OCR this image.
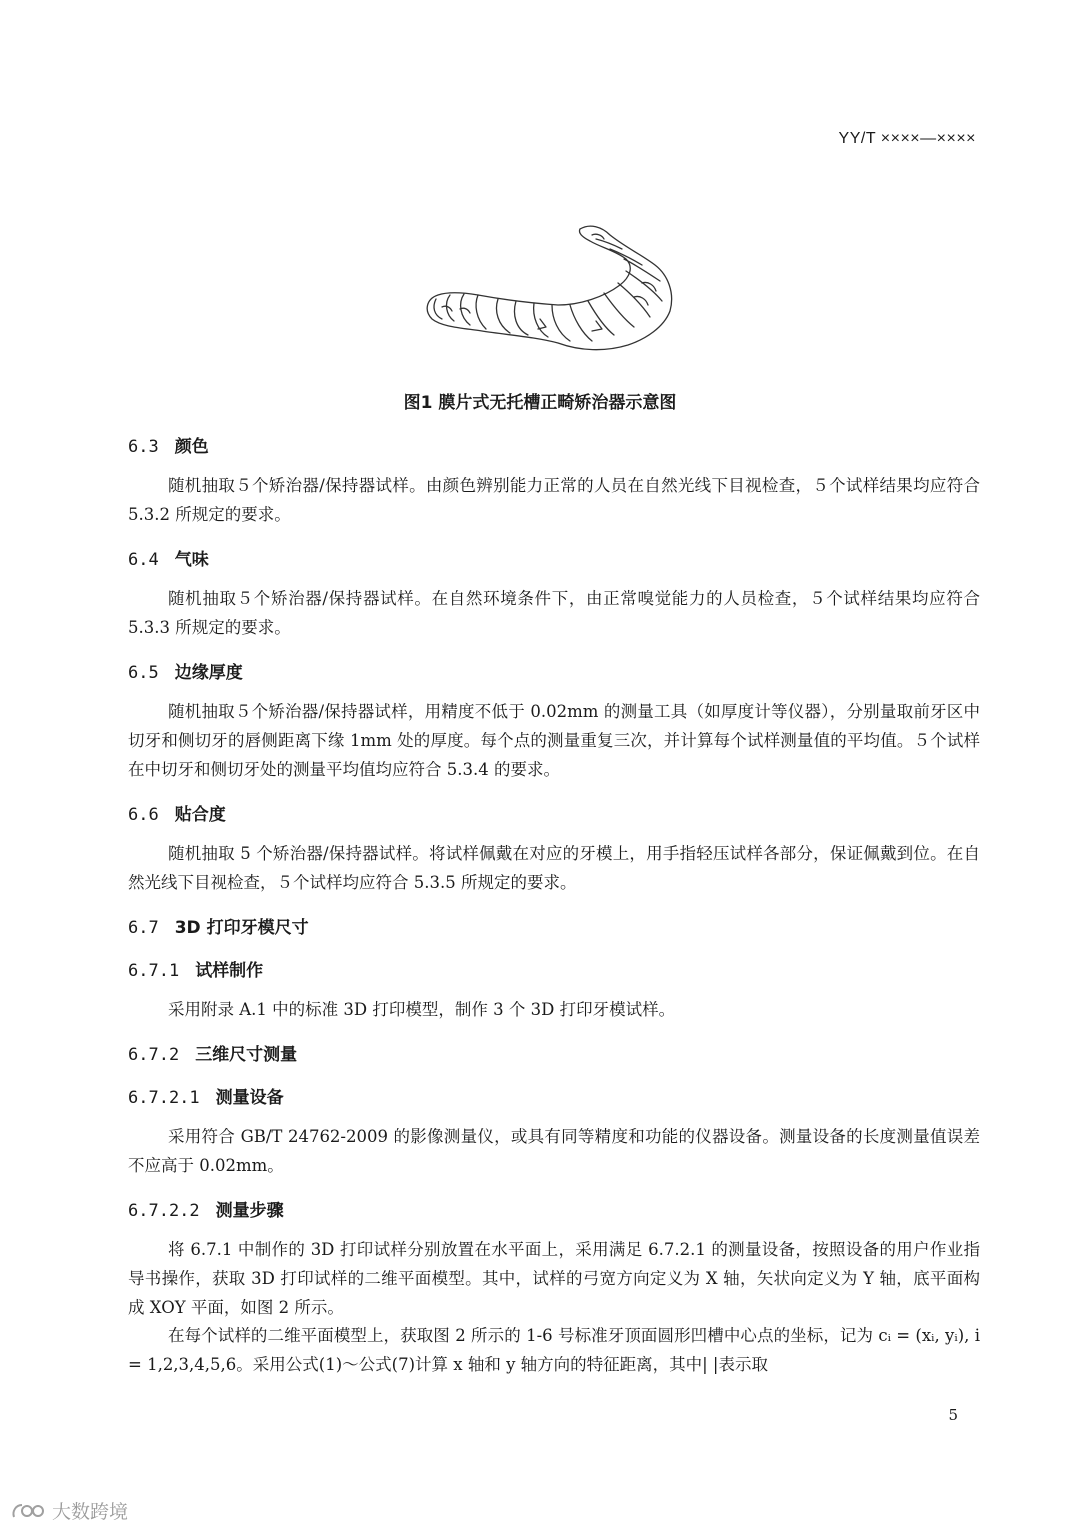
YY/T ××××—××××
图1 膜片式无托槽正畸矫治器示意图
6.3 颜色
随机抽取５个矫治器/保持器试样。由颜色辨别能力正常的人员在自然光线下目视检查，５个试样结果均应符合 5.3.2 所规定的要求。
6.4 气味
随机抽取５个矫治器/保持器试样。在自然环境条件下，由正常嗅觉能力的人员检查，５个试样结果均应符合 5.3.3 所规定的要求。
6.5 边缘厚度
随机抽取５个矫治器/保持器试样，用精度不低于 0.02mm 的测量工具（如厚度计等仪器），分别量取前牙区中切牙和侧切牙的唇侧距离下缘 1mm 处的厚度。每个点的测量重复三次，并计算每个试样测量值的平均值。５个试样在中切牙和侧切牙处的测量平均值均应符合 5.3.4 的要求。
6.6 贴合度
随机抽取 5 个矫治器/保持器试样。将试样佩戴在对应的牙模上，用手指轻压试样各部分，保证佩戴到位。在自然光线下目视检查，５个试样均应符合 5.3.5 所规定的要求。
6.7 3D 打印牙模尺寸
6.7.1 试样制作
采用附录 A.1 中的标准 3D 打印模型，制作 3 个 3D 打印牙模试样。
6.7.2 三维尺寸测量
6.7.2.1 测量设备
采用符合 GB/T 24762-2009 的影像测量仪，或具有同等精度和功能的仪器设备。测量设备的长度测量值误差不应高于 0.02mm。
6.7.2.2 测量步骤
将 6.7.1 中制作的 3D 打印试样分别放置在水平面上，采用满足 6.7.2.1 的测量设备，按照设备的用户作业指导书操作，获取 3D 打印试样的二维平面模型。其中，试样的弓宽方向定义为 X 轴，矢状向定义为 Y 轴，底平面构成 XOY 平面，如图 2 所示。
在每个试样的二维平面模型上，获取图 2 所示的 1-6 号标准牙顶面圆形凹槽中心点的坐标，记为 cᵢ = (xᵢ, yᵢ), i = 1,2,3,4,5,6。采用公式(1)～公式(7)计算 x 轴和 y 轴方向的特征距离，其中| |表示取
5
大数跨境
